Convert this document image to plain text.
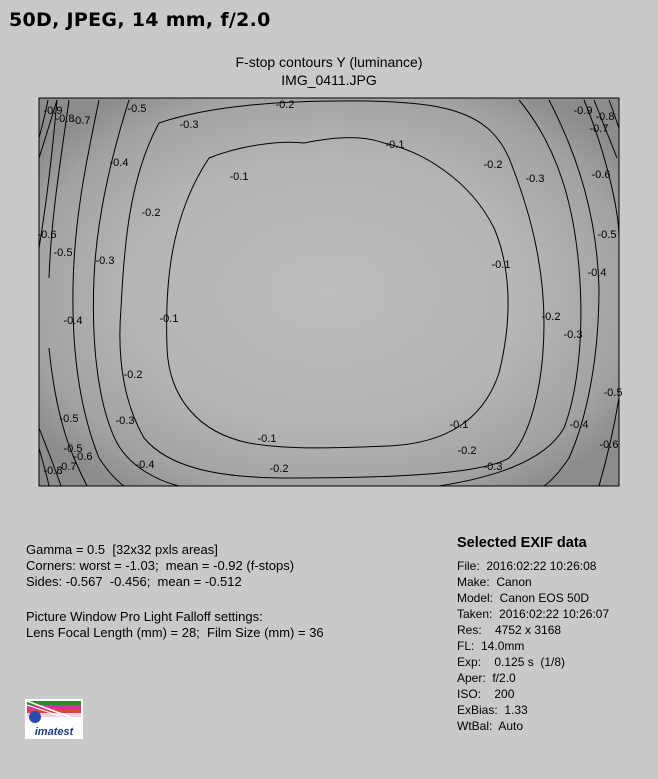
50D, JPEG, 14 mm, f/2.0
F-stop contours Y (luminance)
IMG_0411.JPG
-0.9
-0.8
-0.7
-0.5
-0.3
-0.2
-0.1
-0.1
-0.2
-0.4
-0.6
-0.5
-0.3
-0.4	-0.1
-0.2
-0.5	-0.3
-0.5
-0.7
-0.8	-0.4
-0.6
-0.2
-0.1
-0.1
-0.2
-0.3
-0.6
-0.4
-0.5
-0.3
-0.2
-0.1
-0.4
-0.5
-0.6
-0.7
-0.8
-0.9
-0.3
-0.2
Gamma = 0.5  [32x32 pxls areas]
Corners: worst = -1.03;  mean = -0.92 (f-stops)
Sides: -0.567  -0.456;  mean = -0.512
Picture Window Pro Light Falloff settings:
Lens Focal Length (mm) = 28;  Film Size (mm) = 36
Selected EXIF data
File:  2016:02:22 10:26:08
Make:  Canon
Model:  Canon EOS 50D
Taken:  2016:02:22 10:26:07
Res:    4752 x 3168
FL:  14.0mm
Exp:    0.125 s  (1/8)
Aper:  f/2.0
ISO:    200
ExBias:  1.33
WtBal:  Auto
imatest
